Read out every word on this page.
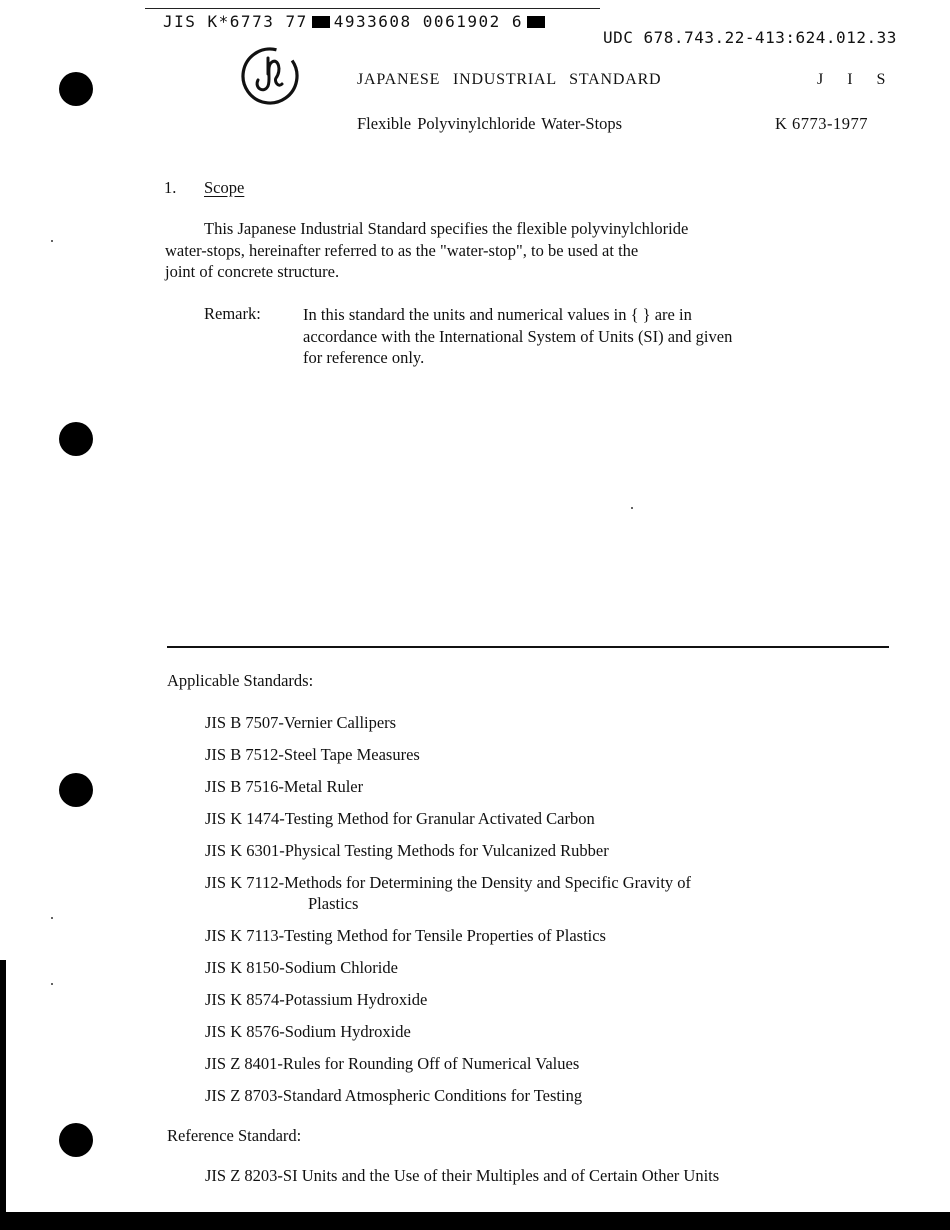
JIS K*6773 77 4933608 0061902 6
UDC 678.743.22-413:624.012.33
JAPANESE INDUSTRIAL STANDARD	J I S
Flexible Polyvinylchloride Water-Stops	K 6773-1977
1. Scope
This Japanese Industrial Standard specifies the flexible polyvinylchloride
water-stops, hereinafter referred to as the "water-stop", to be used at the
joint of concrete structure.
Remark:	In this standard the units and numerical values in { } are in
accordance with the International System of Units (SI) and given
for reference only.
Applicable Standards:
JIS B 7507-Vernier Callipers
JIS B 7512-Steel Tape Measures
JIS B 7516-Metal Ruler
JIS K 1474-Testing Method for Granular Activated Carbon
JIS K 6301-Physical Testing Methods for Vulcanized Rubber
JIS K 7112-Methods for Determining the Density and Specific Gravity of
Plastics
JIS K 7113-Testing Method for Tensile Properties of Plastics
JIS K 8150-Sodium Chloride
JIS K 8574-Potassium Hydroxide
JIS K 8576-Sodium Hydroxide
JIS Z 8401-Rules for Rounding Off of Numerical Values
JIS Z 8703-Standard Atmospheric Conditions for Testing
Reference Standard:
JIS Z 8203-SI Units and the Use of their Multiples and of Certain Other Units
